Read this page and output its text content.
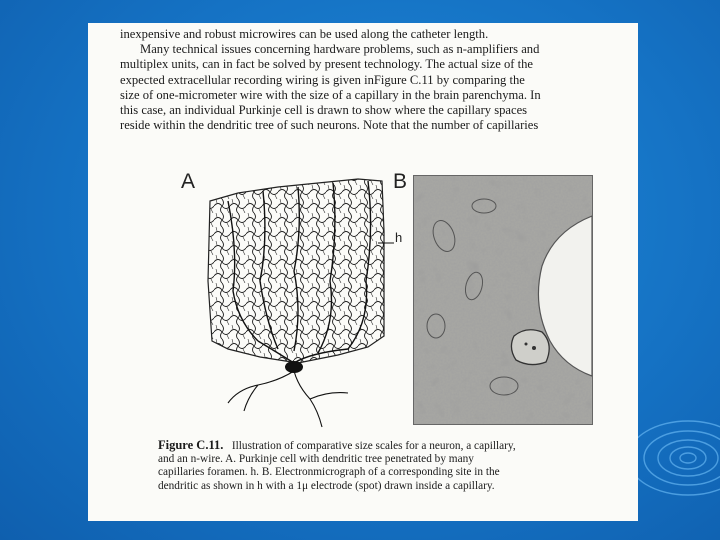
inexpensive and robust microwires can be used along the catheter length.
Many technical issues concerning hardware problems, such as n-amplifiers and
multiplex units, can in fact be solved by present technology. The actual size of the
expected extracellular recording wiring is given inFigure C.11 by comparing the
size of one-micrometer wire with the size of a capillary in the brain parenchyma. In
this case, an individual Purkinje cell is drawn to show where the capillary spaces
reside within the dendritic tree of such neurons. Note that the number of capillaries
A	B
h
Figure C.11. Illustration of comparative size scales for a neuron, a capillary,
and an n-wire. A. Purkinje cell with dendritic tree penetrated by many
capillaries foramen. h. B. Electronmicrograph of a corresponding site in the
dendritic as shown in h with a 1μ electrode (spot) drawn inside a capillary.
